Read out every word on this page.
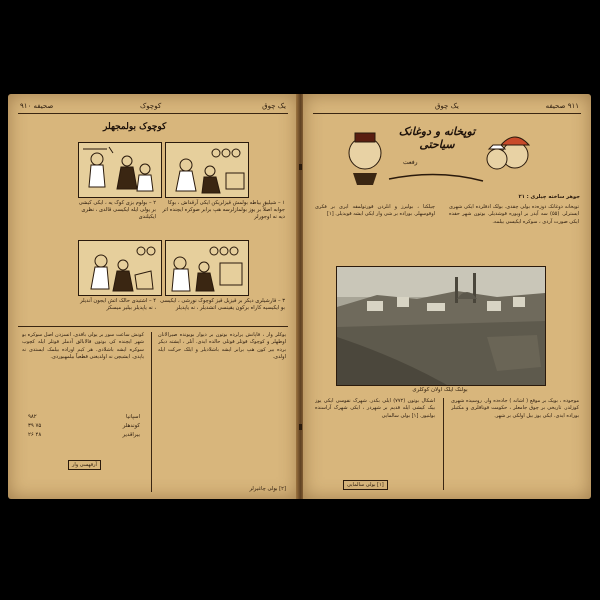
صحیفه ۹۱۰	کوچوک	یک چوق
کوچوک بولمجهلر
۱ – شیلیق بیاطه بولمش قیزلریکن ایکی آرقداش ، بوکا جوابه اصلاً بر یوز بولمازلرسه هپ برابر صوکره ایچنده اتر دیه نه اوجورلر
۲ – بولوم بزی کوک یه ، ایکی کیشی بر یولی ایله ایکیسی قالدی ، نظری ایکیلندی
۳ – قارشیلری دیکر بر قیزیل قیز کوچوک نورشی ، ایکیسی بو ایکیسیه کاراه برکون یقینسی اتشدیلر ، نه یاپدیلر
۴ – اشتیدی حالک اتش ایجون آندیلر ، نه یاپدیلر بیلیر میسکز
کونش ساعت سور بر یولی باقدی. آنسزدن اصل سوکره بو شهر ایچنده کی بوتون قالابالق آدملر قوتلر ایله کچوب سوکره ایشه باشلادی. هر کیم اوراده بیلمک ایستدی نه یاپدی. ایشیچن نه اولدیغنی قطعیاً بیلمهیوردی.
یوکلر وار ، قاپانش یرلرده بوتون بر دیوار بویونده صیرالانان اوطهلر و کوچوک قوتلر قوتلی حالده ایدی. آنلر ، ایشته دیکر برده بیر کون هپ برابر ایشه باشلادیلر و ایلک حرکت ایله اولدی.
۹۸۲	اسپانیا
۳۹ ۷۵	کوندهلر
۲۶ ۴۸	بیراقدیر
آرقهسی وار
[۲] بولی چاغیرلر
۹۱۱ صحیفه
یک چوق
توپخانه و دوغانک سیاحتی
رفعت
جوهر ساخته چیلری : ۲۱
چیلکنا ، بولیرز و آنلردن قورتولمقه آیری بر فکری اوقوسهلر. بوراده بر شی وار ایکی ایشه قویدیلر. [۱]
توپخانه دوغانک دوزه‌ده بولی چقدی. بولک آدقلرده ایکی شهری ایسترلر. (۵۵) سه آیدر بر اویوره قوشدیلر. بوتون شهر حقده ایکی صورت آردی ، سوکره ایکیسی بیلمه.
بولنک ایلک اولان کوکلری
اشکال بوتون (۷۷۲) ایلی بکدر. شهرک نفوسی ایکی یوز بیک کیشی ایله قدیم بر شهردر ، ایکی شهرک آراسنده بولنیور. [۱] بولی سالمایی
موجوده ، بویک بر موقع ( اشانه ) جاده‌ده وار. روسیده شهری کوزلدر. تاریخی بر چوق جامعلر ، حکومت قوناقلری و مکتبلر بوراده ایدی. ایکی یوز بیل اولکی بر شهر.
[۱] بولی سالمایی
